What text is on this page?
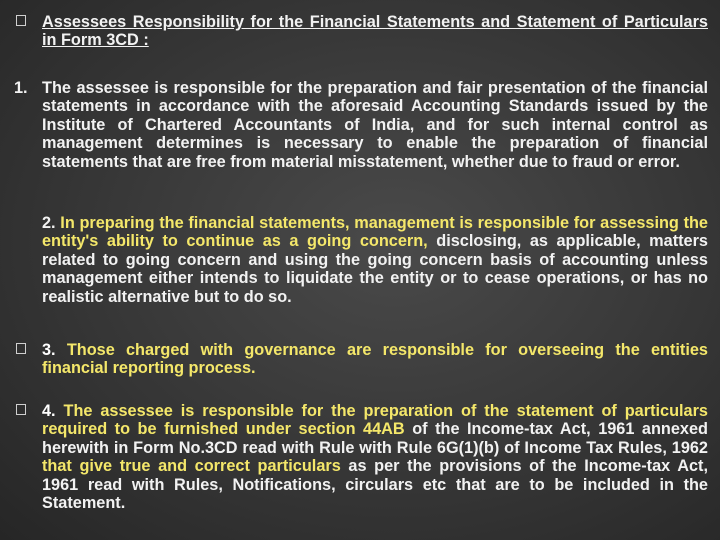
Assessees Responsibility for the Financial Statements and Statement of Particulars in Form 3CD :
1. The assessee is responsible for the preparation and fair presentation of the financial statements in accordance with the aforesaid Accounting Standards issued by the Institute of Chartered Accountants of India, and for such internal control as management determines is necessary to enable the preparation of financial statements that are free from material misstatement, whether due to fraud or error.
2. In preparing the financial statements, management is responsible for assessing the entity's ability to continue as a going concern, disclosing, as applicable, matters related to going concern and using the going concern basis of accounting unless management either intends to liquidate the entity or to cease operations, or has no realistic alternative but to do so.
3. Those charged with governance are responsible for overseeing the entities financial reporting process.
4. The assessee is responsible for the preparation of the statement of particulars required to be furnished under section 44AB of the Income-tax Act, 1961 annexed herewith in Form No.3CD read with Rule with Rule 6G(1)(b) of Income Tax Rules, 1962 that give true and correct particulars as per the provisions of the Income-tax Act, 1961 read with Rules, Notifications, circulars etc that are to be included in the Statement.
